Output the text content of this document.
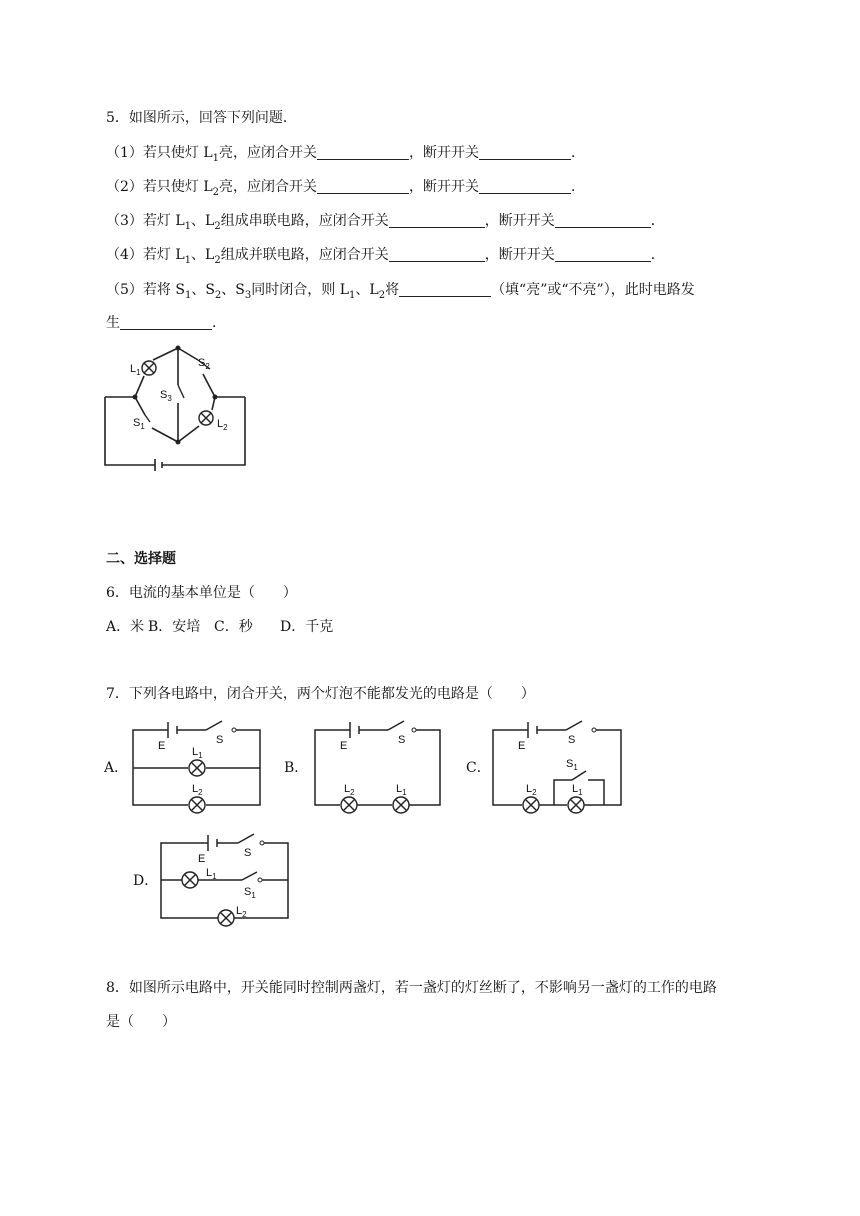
5．如图所示，回答下列问题．
（1）若只使灯 $L_1$亮，应闭合开关	，断开开关	．
（2）若只使灯 $L_2$亮，应闭合开关	，断开开关	．
（3）若灯 $L_1$、$L_2$组成串联电路，应闭合开关	，断开开关	．
（4）若灯 $L_1$、$L_2$组成并联电路，应闭合开关	，断开开关	．
（5）若将 $S_1$、$S_2$、$S_3$同时闭合，则 $L_1$、$L_2$将	（填“亮”或“不亮”），此时电路发
生	．
$L_1$
$S_2$
$S_3$
$S_1$	$L_2$
二、选择题
6．电流的基本单位是（　　）
A．米 B．安培 C．秒 D．千克
7．下列各电路中，闭合开关，两个灯泡不能都发光的电路是（　　）
A．	B．	C．
D．
E	S
$L_1$
$L_2$
E	S
$L_2$	$L_1$
E	S
$S_1$
$L_2$	$L_1$
E	S
$L_1$
$S_1$
$L_2$
8．如图所示电路中，开关能同时控制两盏灯，若一盏灯的灯丝断了，不影响另一盏灯的工作的电路
是（　　）
